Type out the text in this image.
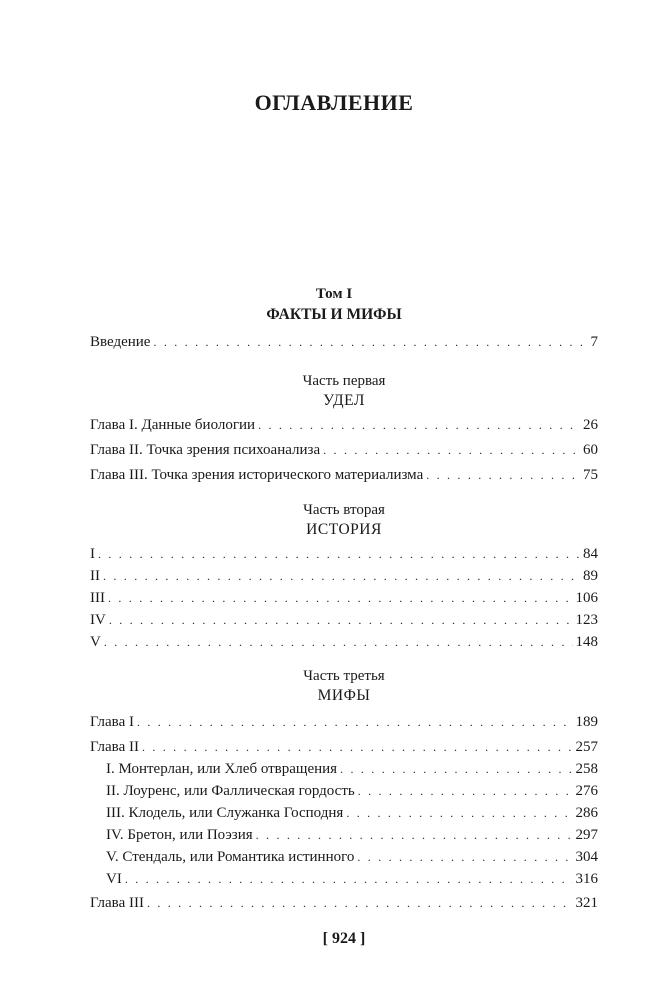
ОГЛАВЛЕНИЕ
Том I
ФАКТЫ И МИФЫ
Введение . . .	7
Часть первая
УДЕЛ
Глава I. Данные биологии . . .	26
Глава II. Точка зрения психоанализа . . .	60
Глава III. Точка зрения исторического материализма . . .	75
Часть вторая
ИСТОРИЯ
I . . .	84
II . . .	89
III . . .	106
IV . . .	123
V . . .	148
Часть третья
МИФЫ
Глава I . . .	189
Глава II . . .	257
I. Монтерлан, или Хлеб отвращения . . .	258
II. Лоуренс, или Фаллическая гордость . . .	276
III. Клодель, или Служанка Господня . . .	286
IV. Бретон, или Поэзия . . .	297
V. Стендаль, или Романтика истинного . . .	304
VI . . .	316
Глава III . . .	321
[ 924 ]
